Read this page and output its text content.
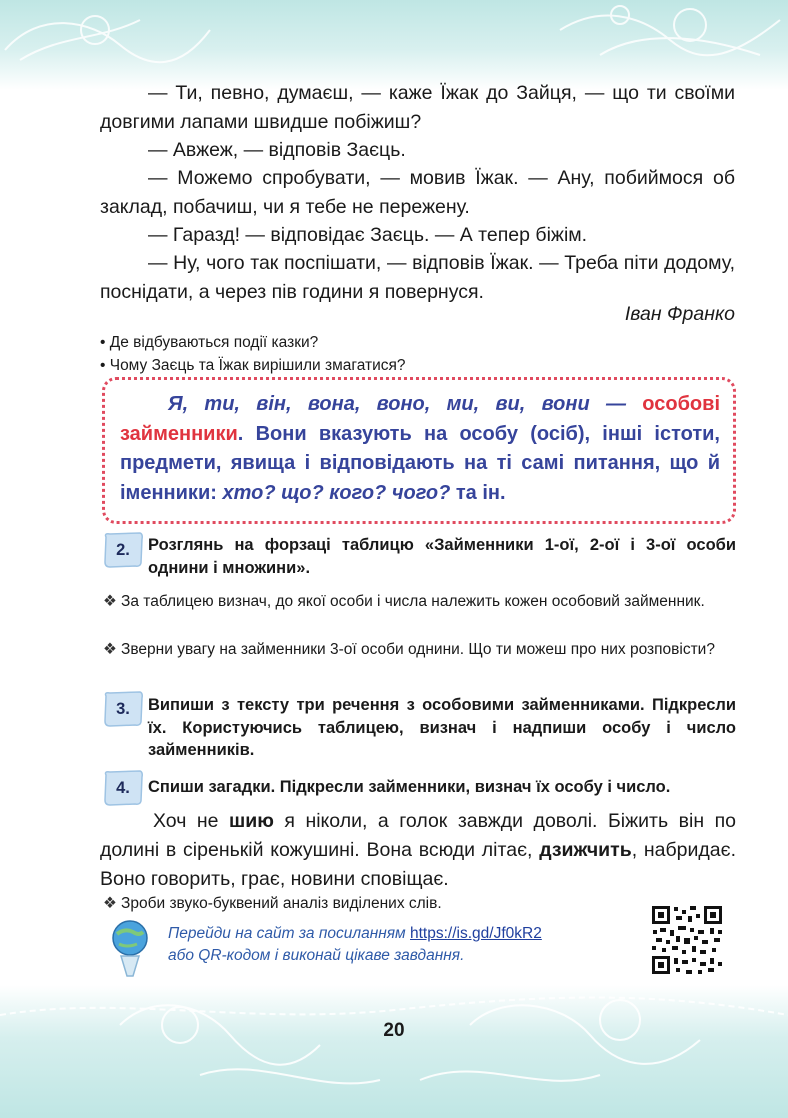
— Ти, певно, думаєш, — каже Їжак до Зайця, — що ти своїми довгими лапами швидше побіжиш?

— Авжеж, — відповів Заєць.

— Можемо спробувати, — мовив Їжак. — Ану, побиймося об заклад, побачиш, чи я тебе не пережену.

— Гаразд! — відповідає Заєць. — А тепер біжім.

— Ну, чого так поспішати, — відповів Їжак. — Треба піти додому, поснідати, а через пів години я повернуся.

Іван Франко
• Де відбуваються події казки?
• Чому Заєць та Їжак вирішили змагатися?
Я, ти, він, вона, воно, ми, ви, вони — особові займенники. Вони вказують на особу (осіб), інші істоти, предмети, явища і відповідають на ті самі питання, що й іменники: хто? що? кого? чого? та ін.
2. Розглянь на форзаці таблицю «Займенники 1-ої, 2-ої і 3-ої особи однини і множини».
❖ За таблицею визнач, до якої особи і числа належить кожен особовий займенник.
❖ Зверни увагу на займенники 3-ої особи однини. Що ти можеш про них розповісти?
3. Випиши з тексту три речення з особовими займенниками. Підкресли їх. Користуючись таблицею, визнач і надпиши особу і число займенників.
4. Спиши загадки. Підкресли займенники, визнач їх особу і число.

Хоч не шию я ніколи, а голок завжди доволі. Біжить він по долині в сіренькій кожушині. Вона всюди літає, дзижчить, набридає. Воно говорить, грає, новини сповіщає.

❖ Зроби звуко-буквений аналіз виділених слів.
Перейди на сайт за посиланням https://is.gd/Jf0kR2
або QR-кодом і виконай цікаве завдання.
20
